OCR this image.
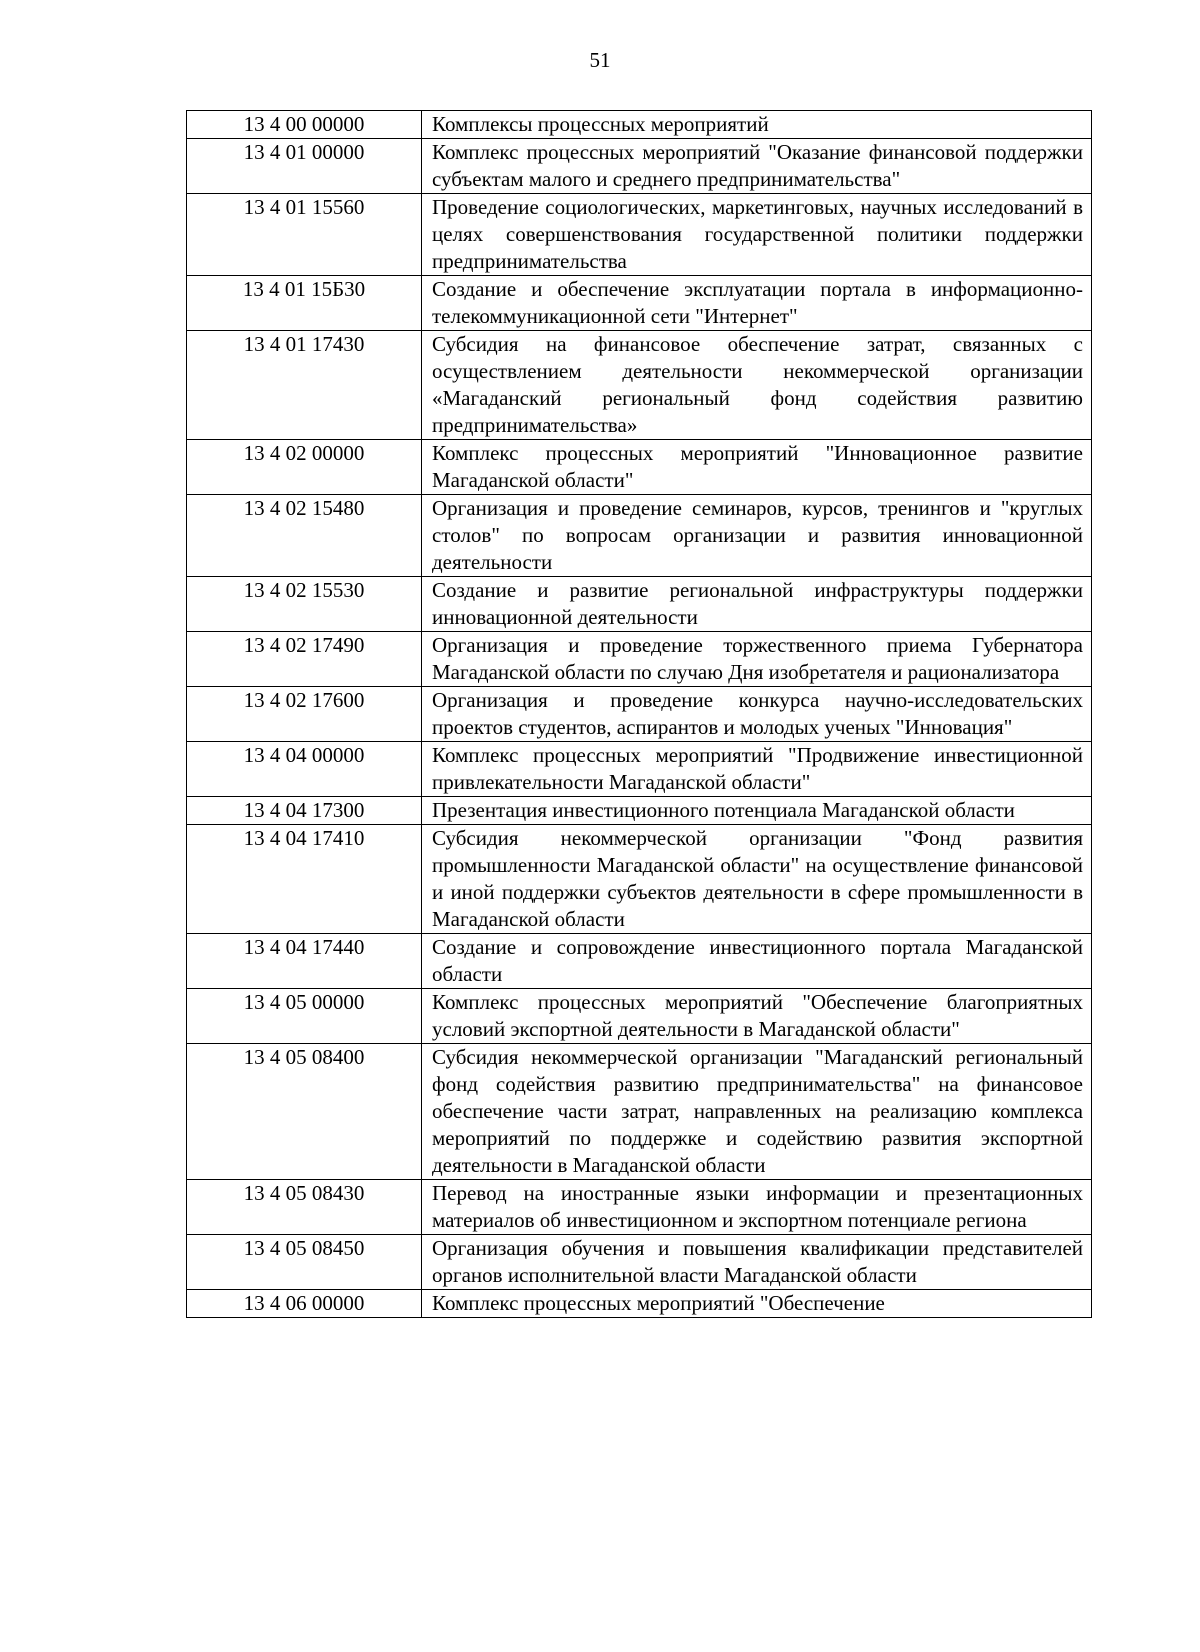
51
13 4 00 00000	Комплексы процессных мероприятий
13 4 01 00000	Комплекс процессных мероприятий "Оказание финансовой поддержки субъектам малого и среднего предпринимательства"
13 4 01 15560	Проведение социологических, маркетинговых, научных исследований в целях совершенствования государственной политики поддержки предпринимательства
13 4 01 15Б30	Создание и обеспечение эксплуатации портала в информационно-телекоммуникационной сети "Интернет"
13 4 01 17430	Субсидия на финансовое обеспечение затрат, связанных с осуществлением деятельности некоммерческой организации «Магаданский региональный фонд содействия развитию предпринимательства»
13 4 02 00000	Комплекс процессных мероприятий "Инновационное развитие Магаданской области"
13 4 02 15480	Организация и проведение семинаров, курсов, тренингов и "круглых столов" по вопросам организации и развития инновационной деятельности
13 4 02 15530	Создание и развитие региональной инфраструктуры поддержки инновационной деятельности
13 4 02 17490	Организация и проведение торжественного приема Губернатора Магаданской области по случаю Дня изобретателя и рационализатора
13 4 02 17600	Организация и проведение конкурса научно-исследовательских проектов студентов, аспирантов и молодых ученых "Инновация"
13 4 04 00000	Комплекс процессных мероприятий "Продвижение инвестиционной привлекательности Магаданской области"
13 4 04 17300	Презентация инвестиционного потенциала Магаданской области
13 4 04 17410	Субсидия некоммерческой организации "Фонд развития промышленности Магаданской области" на осуществление финансовой и иной поддержки субъектов деятельности в сфере промышленности в Магаданской области
13 4 04 17440	Создание и сопровождение инвестиционного портала Магаданской области
13 4 05 00000	Комплекс процессных мероприятий "Обеспечение благоприятных условий экспортной деятельности в Магаданской области"
13 4 05 08400	Субсидия некоммерческой организации "Магаданский региональный фонд содействия развитию предпринимательства" на финансовое обеспечение части затрат, направленных на реализацию комплекса мероприятий по поддержке и содействию развития экспортной деятельности в Магаданской области
13 4 05 08430	Перевод на иностранные языки информации и презентационных материалов об инвестиционном и экспортном потенциале региона
13 4 05 08450	Организация обучения и повышения квалификации представителей органов исполнительной власти Магаданской области
13 4 06 00000	Комплекс процессных мероприятий "Обеспечение
